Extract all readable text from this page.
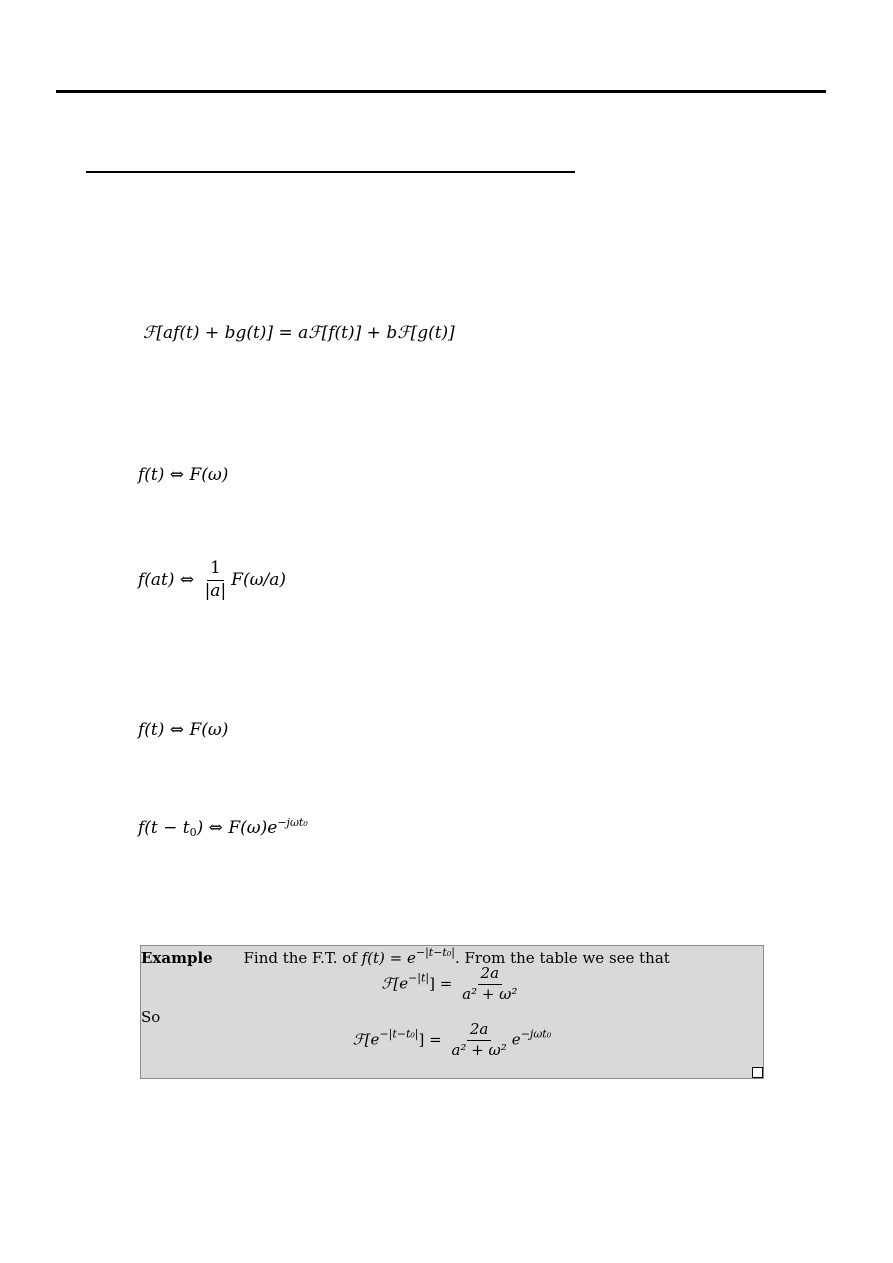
ℱ[af(t) + bg(t)] = aℱ[f(t)] + bℱ[g(t)]
f(t) ⇔ F(ω)
f(at) ⇔ $\frac{1}{|a|} F(\omega/a)$
f(t) ⇔ F(ω)
$f(t - t_0)$ ⇔ $F(\omega)e^{-j\omega t_0}$
Example Find the F.T. of $f(t) = e^{-|t-t_0|}$. From the table we see that
$ℱ[e^{-|t|}] = \frac{2a}{\text{a² + ω²}}$
So
$ℱ[e^{-|t-t_0|}] = \frac{2a}{\text{a² + ω²}} e^{-j\omega t_0}$
